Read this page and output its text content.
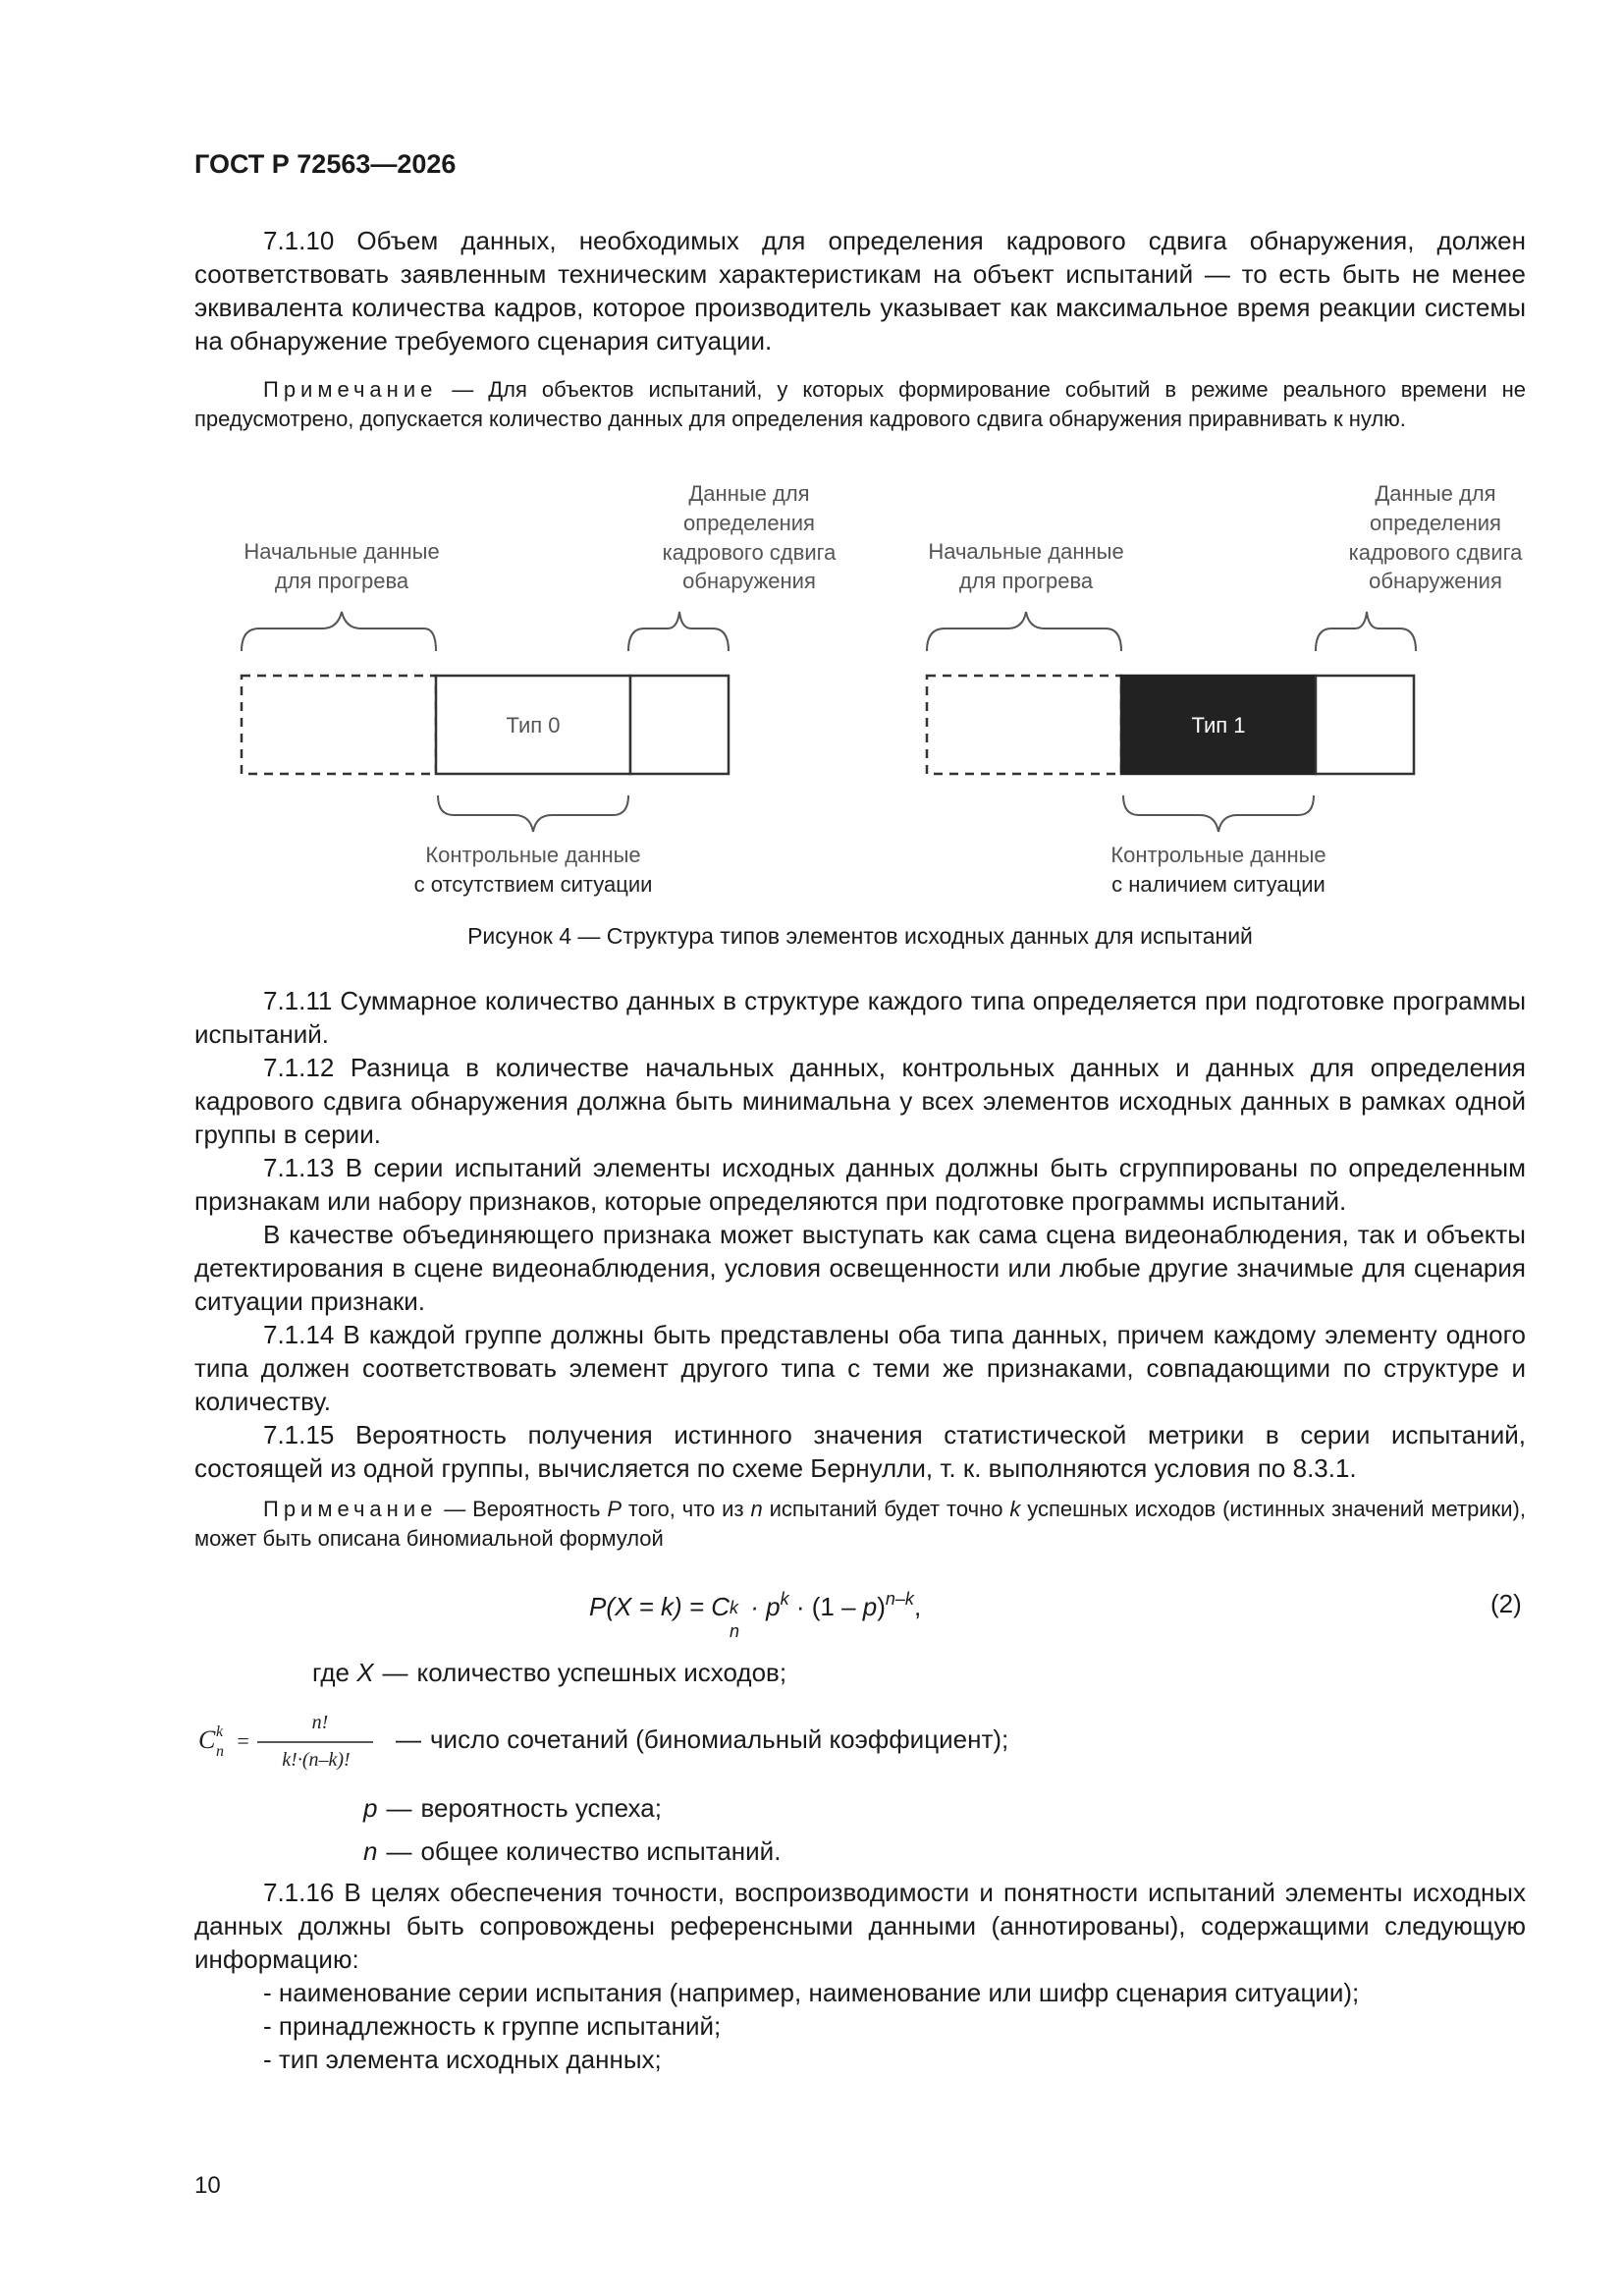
ГОСТ Р 72563—2026
7.1.10 Объем данных, необходимых для определения кадрового сдвига обнаружения, должен соответствовать заявленным техническим характеристикам на объект испытаний — то есть быть не менее эквивалента количества кадров, которое производитель указывает как максимальное время реакции системы на обнаружение требуемого сценария ситуации.
Примечание — Для объектов испытаний, у которых формирование событий в режиме реального времени не предусмотрено, допускается количество данных для определения кадрового сдвига обнаружения приравнивать к нулю.
Начальные данные
для прогрева
Данные для
определения
кадрового сдвига
обнаружения
Тип 0
Контрольные данные
с отсутствием ситуации
Начальные данные
для прогрева
Данные для
определения
кадрового сдвига
обнаружения
Тип 1
Контрольные данные
с наличием ситуации
Рисунок 4 — Структура типов элементов исходных данных для испытаний
7.1.11 Суммарное количество данных в структуре каждого типа определяется при подготовке программы испытаний.
7.1.12 Разница в количестве начальных данных, контрольных данных и данных для определения кадрового сдвига обнаружения должна быть минимальна у всех элементов исходных данных в рамках одной группы в серии.
7.1.13 В серии испытаний элементы исходных данных должны быть сгруппированы по определенным признакам или набору признаков, которые определяются при подготовке программы испытаний.
В качестве объединяющего признака может выступать как сама сцена видеонаблюдения, так и объекты детектирования в сцене видеонаблюдения, условия освещенности или любые другие значимые для сценария ситуации признаки.
7.1.14 В каждой группе должны быть представлены оба типа данных, причем каждому элементу одного типа должен соответствовать элемент другого типа с теми же признаками, совпадающими по структуре и количеству.
7.1.15 Вероятность получения истинного значения статистической метрики в серии испытаний, состоящей из одной группы, вычисляется по схеме Бернулли, т. к. выполняются условия по 8.3.1.
Примечание — Вероятность P того, что из n испытаний будет точно k успешных исходов (истинных значений метрики), может быть описана биномиальной формулой
P(X = k) = C k
n
· $p^k \cdot (1 - p)^{n-k}$,	(2)
где X — количество успешных исходов;
C k
n =
n!
k!·(n–k)!
— число сочетаний (биномиальный коэффициент);
p — вероятность успеха;
n — общее количество испытаний.
7.1.16 В целях обеспечения точности, воспроизводимости и понятности испытаний элементы исходных данных должны быть сопровождены референсными данными (аннотированы), содержащими следующую информацию:
- наименование серии испытания (например, наименование или шифр сценария ситуации);
- принадлежность к группе испытаний;
- тип элемента исходных данных;
10
